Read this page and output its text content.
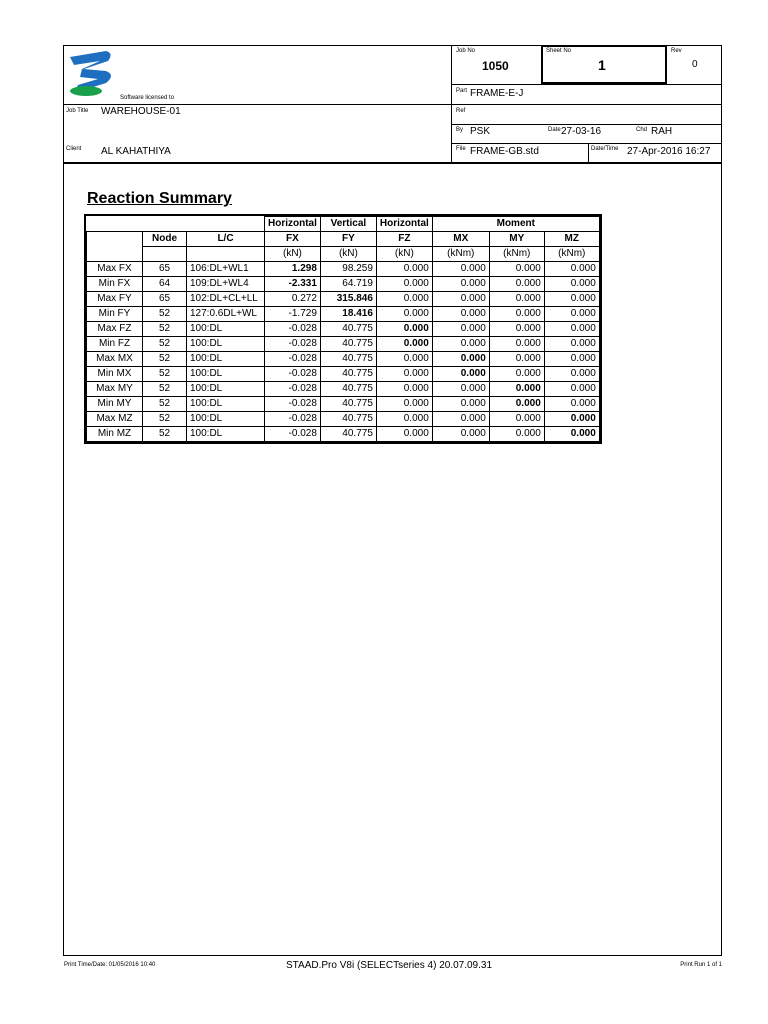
Software licensed to
Job No
1050
Sheet No
1
Rev
0
Part FRAME-E-J
Job Title WAREHOUSE-01	Ref
By PSK	Date 27-03-16	Chd RAH
Client AL KAHATHIYA	File FRAME-GB.std	Date/Time 27-Apr-2016 16:27
Reaction Summary
			Horizontal	Vertical	Horizontal	Moment		
	Node	L/C	FX	FY	FZ	MX	MY	MZ
			(kN)	(kN)	(kN)	(kNm)	(kNm)	(kNm)
Max FX	65	106:DL+WL1	1.298	98.259	0.000	0.000	0.000	0.000
Min FX	64	109:DL+WL4	-2.331	64.719	0.000	0.000	0.000	0.000
Max FY	65	102:DL+CL+LL	0.272	315.846	0.000	0.000	0.000	0.000
Min FY	52	127:0.6DL+WL	-1.729	18.416	0.000	0.000	0.000	0.000
Max FZ	52	100:DL	-0.028	40.775	0.000	0.000	0.000	0.000
Min FZ	52	100:DL	-0.028	40.775	0.000	0.000	0.000	0.000
Max MX	52	100:DL	-0.028	40.775	0.000	0.000	0.000	0.000
Min MX	52	100:DL	-0.028	40.775	0.000	0.000	0.000	0.000
Max MY	52	100:DL	-0.028	40.775	0.000	0.000	0.000	0.000
Min MY	52	100:DL	-0.028	40.775	0.000	0.000	0.000	0.000
Max MZ	52	100:DL	-0.028	40.775	0.000	0.000	0.000	0.000
Min MZ	52	100:DL	-0.028	40.775	0.000	0.000	0.000	0.000
Print Time/Date: 01/05/2016 10:40	STAAD.Pro V8i (SELECTseries 4) 20.07.09.31	Print Run 1 of 1
